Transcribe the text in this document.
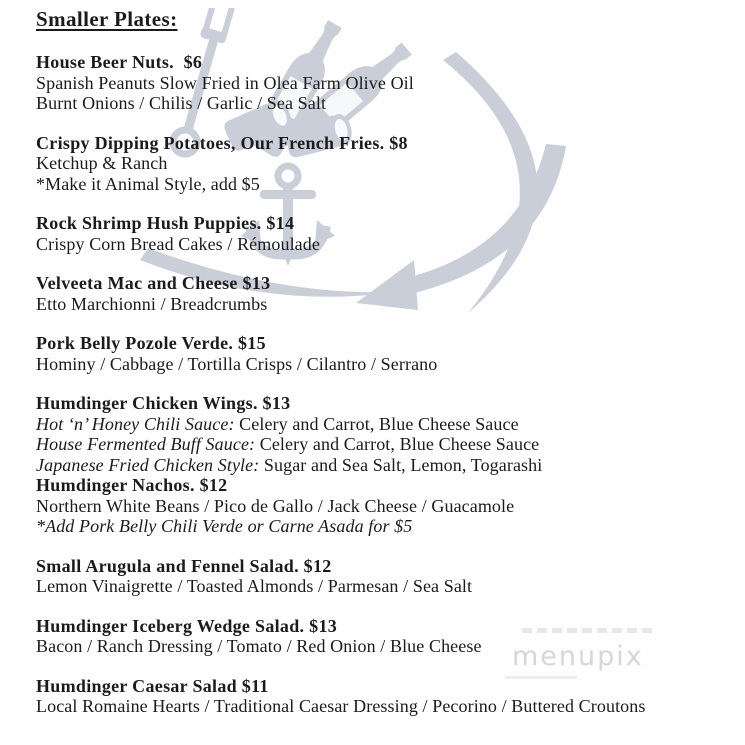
menupix
Smaller Plates:
House Beer Nuts.  $6
Spanish Peanuts Slow Fried in Olea Farm Olive Oil
Burnt Onions / Chilis / Garlic / Sea Salt
Crispy Dipping Potatoes, Our French Fries. $8
Ketchup & Ranch
*Make it Animal Style, add $5
Rock Shrimp Hush Puppies. $14
Crispy Corn Bread Cakes / Rémoulade
Velveeta Mac and Cheese $13
Etto Marchionni / Breadcrumbs
Pork Belly Pozole Verde. $15
Hominy / Cabbage / Tortilla Crisps / Cilantro / Serrano
Humdinger Chicken Wings. $13
Hot ‘n’ Honey Chili Sauce: Celery and Carrot, Blue Cheese Sauce
House Fermented Buff Sauce: Celery and Carrot, Blue Cheese Sauce
Japanese Fried Chicken Style: Sugar and Sea Salt, Lemon, Togarashi
Humdinger Nachos. $12
Northern White Beans / Pico de Gallo / Jack Cheese / Guacamole
*Add Pork Belly Chili Verde or Carne Asada for $5
Small Arugula and Fennel Salad. $12
Lemon Vinaigrette / Toasted Almonds / Parmesan / Sea Salt
Humdinger Iceberg Wedge Salad. $13
Bacon / Ranch Dressing / Tomato / Red Onion / Blue Cheese
Humdinger Caesar Salad $11
Local Romaine Hearts / Traditional Caesar Dressing / Pecorino / Buttered Croutons
